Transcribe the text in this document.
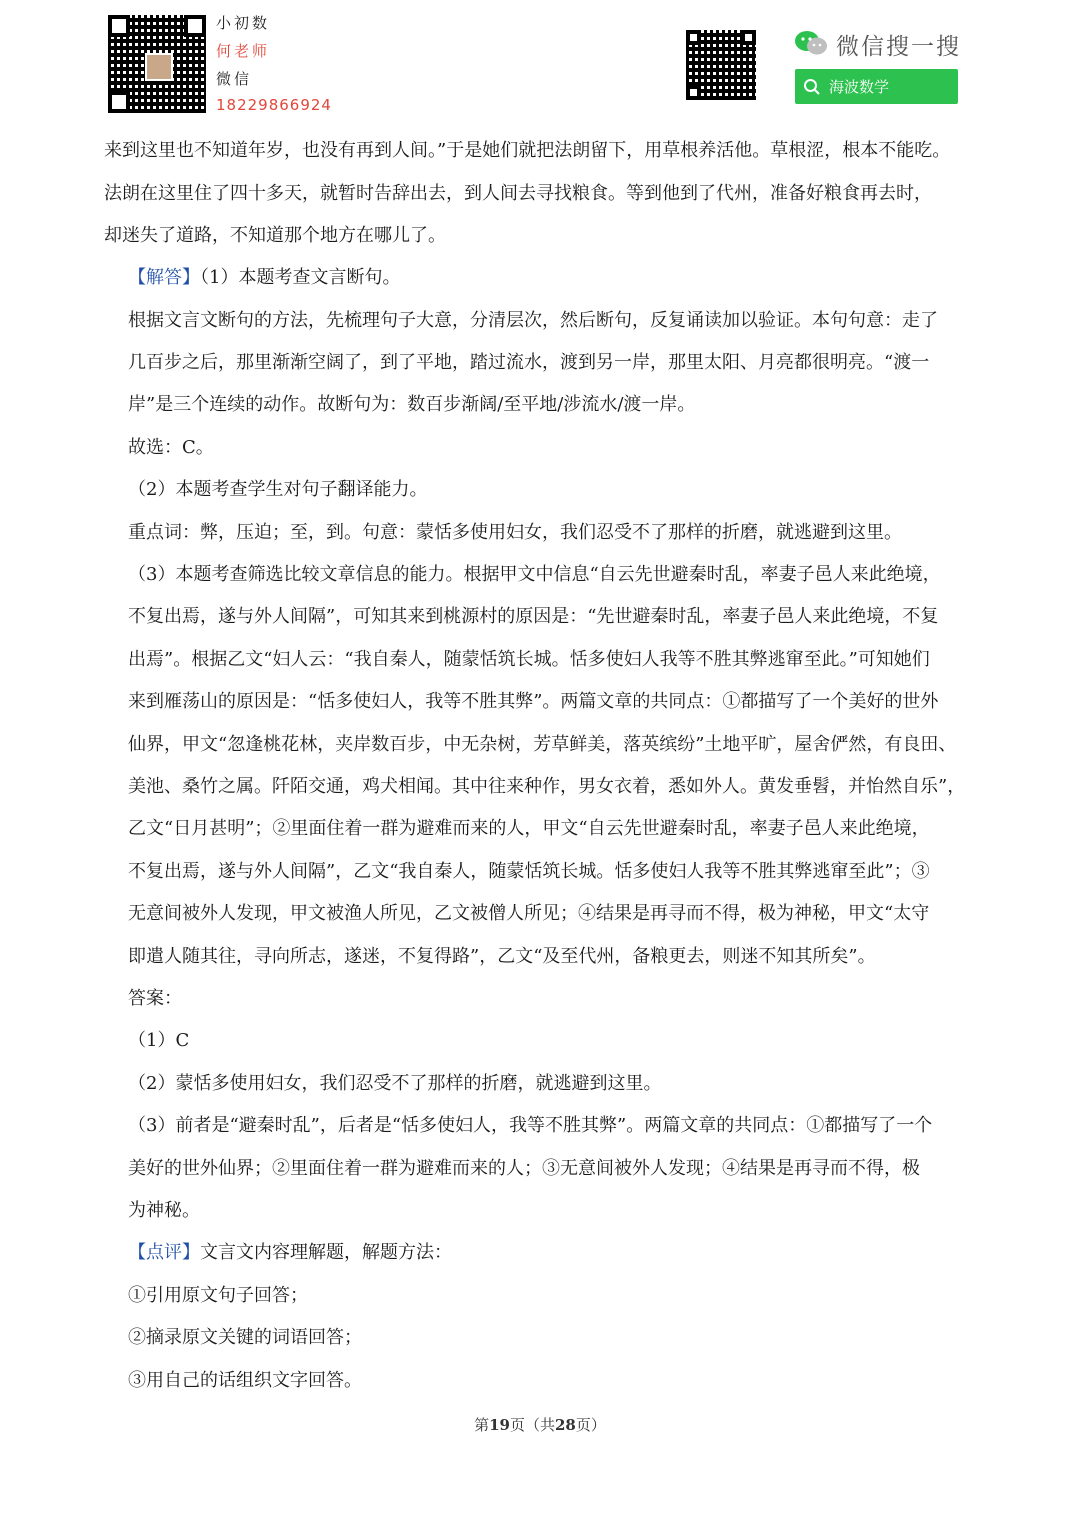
小初数
何老师
微信
18229866924
微信搜一搜
海波数学
来到这里也不知道年岁，也没有再到人间。”于是她们就把法朗留下，用草根养活他。草根涩，根本不能吃。
法朗在这里住了四十多天，就暂时告辞出去，到人间去寻找粮食。等到他到了代州，准备好粮食再去时，
却迷失了道路，不知道那个地方在哪儿了。
【解答】（1）本题考查文言断句。
根据文言文断句的方法，先梳理句子大意，分清层次，然后断句，反复诵读加以验证。本句句意：走了
几百步之后，那里渐渐空阔了，到了平地，踏过流水，渡到另一岸，那里太阳、月亮都很明亮。“渡一
岸”是三个连续的动作。故断句为：数百步渐阔/至平地/涉流水/渡一岸。
故选：C。
（2）本题考查学生对句子翻译能力。
重点词：弊，压迫；至，到。句意：蒙恬多使用妇女，我们忍受不了那样的折磨，就逃避到这里。
（3）本题考查筛选比较文章信息的能力。根据甲文中信息“自云先世避秦时乱，率妻子邑人来此绝境，
不复出焉，遂与外人间隔”，可知其来到桃源村的原因是：“先世避秦时乱，率妻子邑人来此绝境，不复
出焉”。根据乙文“妇人云：“我自秦人，随蒙恬筑长城。恬多使妇人我等不胜其弊逃窜至此。”可知她们
来到雁荡山的原因是：“恬多使妇人，我等不胜其弊”。两篇文章的共同点：①都描写了一个美好的世外
仙界，甲文“忽逢桃花林，夹岸数百步，中无杂树，芳草鲜美，落英缤纷”土地平旷，屋舍俨然，有良田、
美池、桑竹之属。阡陌交通，鸡犬相闻。其中往来种作，男女衣着，悉如外人。黄发垂髫，并怡然自乐”，
乙文“日月甚明”；②里面住着一群为避难而来的人，甲文“自云先世避秦时乱，率妻子邑人来此绝境，
不复出焉，遂与外人间隔”，乙文“我自秦人，随蒙恬筑长城。恬多使妇人我等不胜其弊逃窜至此”；③
无意间被外人发现，甲文被渔人所见，乙文被僧人所见；④结果是再寻而不得，极为神秘，甲文“太守
即遣人随其往，寻向所志，遂迷，不复得路”，乙文“及至代州，备粮更去，则迷不知其所矣”。
答案：
（1）C
（2）蒙恬多使用妇女，我们忍受不了那样的折磨，就逃避到这里。
（3）前者是“避秦时乱”，后者是“恬多使妇人，我等不胜其弊”。两篇文章的共同点：①都描写了一个
美好的世外仙界；②里面住着一群为避难而来的人；③无意间被外人发现；④结果是再寻而不得，极
为神秘。
【点评】文言文内容理解题，解题方法：
①引用原文句子回答；
②摘录原文关键的词语回答；
③用自己的话组织文字回答。
第19页（共28页）
